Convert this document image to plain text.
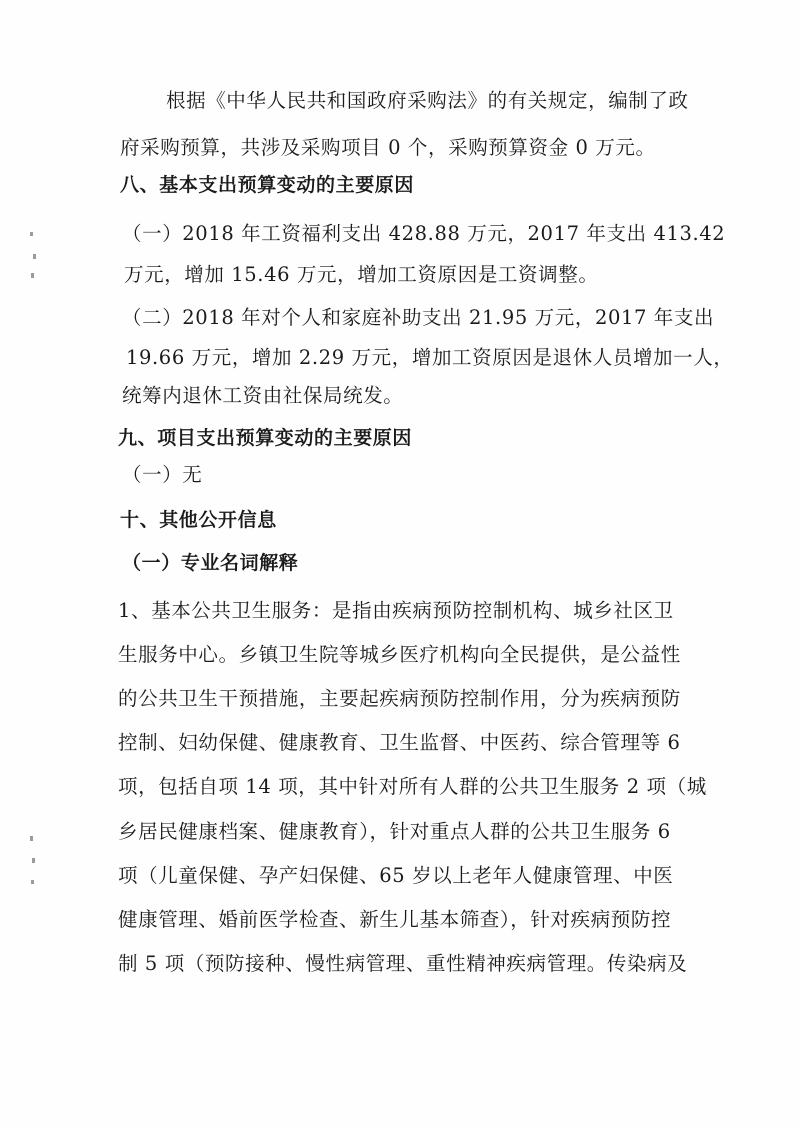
根据《中华人民共和国政府采购法》的有关规定，编制了政
府采购预算，共涉及采购项目 0 个，采购预算资金 0 万元。
八、基本支出预算变动的主要原因
（一）2018 年工资福利支出 428.88 万元，2017 年支出 413.42
万元，增加 15.46 万元，增加工资原因是工资调整。
（二）2018 年对个人和家庭补助支出 21.95 万元，2017 年支出
19.66 万元，增加 2.29 万元，增加工资原因是退休人员增加一人，
统筹内退休工资由社保局统发。
九、项目支出预算变动的主要原因
（一）无
十、其他公开信息
（一）专业名词解释
1、基本公共卫生服务：是指由疾病预防控制机构、城乡社区卫
生服务中心。乡镇卫生院等城乡医疗机构向全民提供，是公益性
的公共卫生干预措施，主要起疾病预防控制作用，分为疾病预防
控制、妇幼保健、健康教育、卫生监督、中医药、综合管理等 6
项，包括自项 14 项，其中针对所有人群的公共卫生服务 2 项（城
乡居民健康档案、健康教育），针对重点人群的公共卫生服务 6
项（儿童保健、孕产妇保健、65 岁以上老年人健康管理、中医
健康管理、婚前医学检查、新生儿基本筛查），针对疾病预防控
制 5 项（预防接种、慢性病管理、重性精神疾病管理。传染病及
